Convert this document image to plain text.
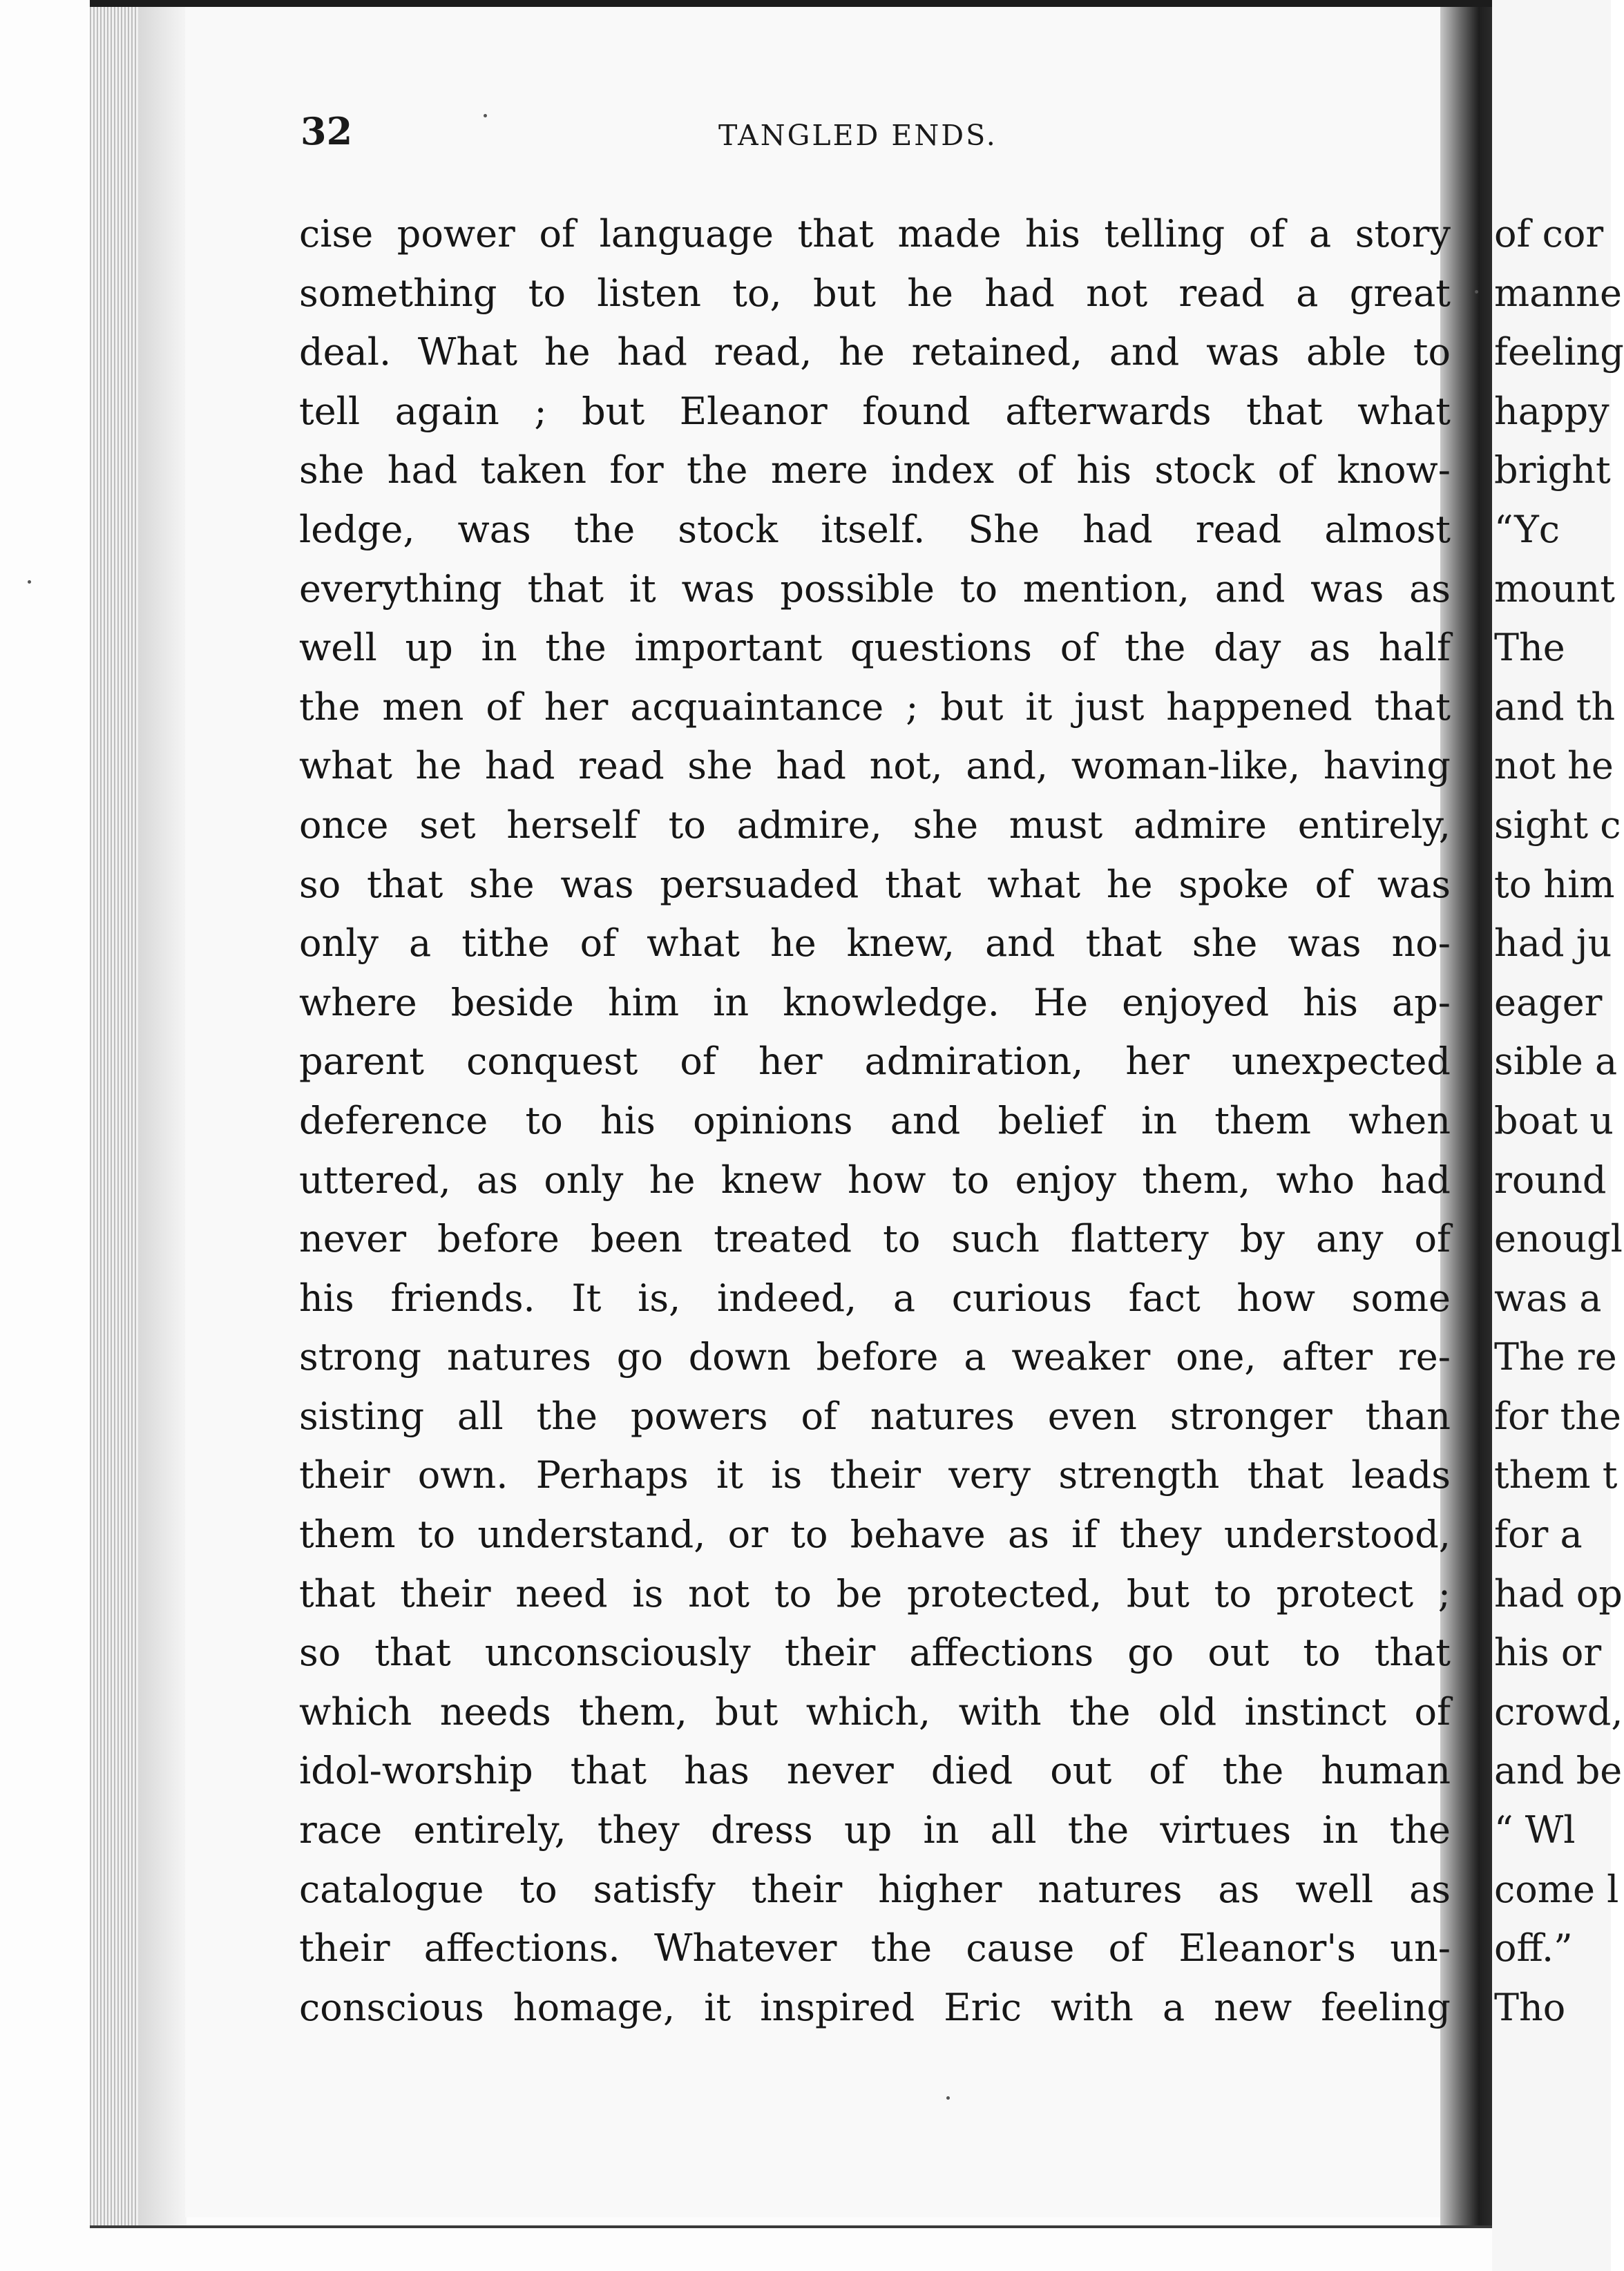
32	TANGLED ENDS.
cise power of language that made his telling of a story
something to listen to, but he had not read a great
deal. What he had read, he retained, and was able to
tell again ; but Eleanor found afterwards that what
she had taken for the mere index of his stock of know-
ledge, was the stock itself. She had read almost
everything that it was possible to mention, and was as
well up in the important questions of the day as half
the men of her acquaintance ; but it just happened that
what he had read she had not, and, woman-like, having
once set herself to admire, she must admire entirely,
so that she was persuaded that what he spoke of was
only a tithe of what he knew, and that she was no-
where beside him in knowledge. He enjoyed his ap-
parent conquest of her admiration, her unexpected
deference to his opinions and belief in them when
uttered, as only he knew how to enjoy them, who had
never before been treated to such flattery by any of
his friends. It is, indeed, a curious fact how some
strong natures go down before a weaker one, after re-
sisting all the powers of natures even stronger than
their own. Perhaps it is their very strength that leads
them to understand, or to behave as if they understood,
that their need is not to be protected, but to protect ;
so that unconsciously their affections go out to that
which needs them, but which, with the old instinct of
idol-worship that has never died out of the human
race entirely, they dress up in all the virtues in the
catalogue to satisfy their higher natures as well as
their affections. Whatever the cause of Eleanor's un-
conscious homage, it inspired Eric with a new feeling
of cor
manne
feeling
happy
bright
“Yc
mount
The
and th
not he
sight c
to him
had ju
eager
sible a
boat u
round
enougl
was a
The re
for the
them t
for a
had op
his or
crowd,
and be
“ Wl
come l
off.”
Tho
